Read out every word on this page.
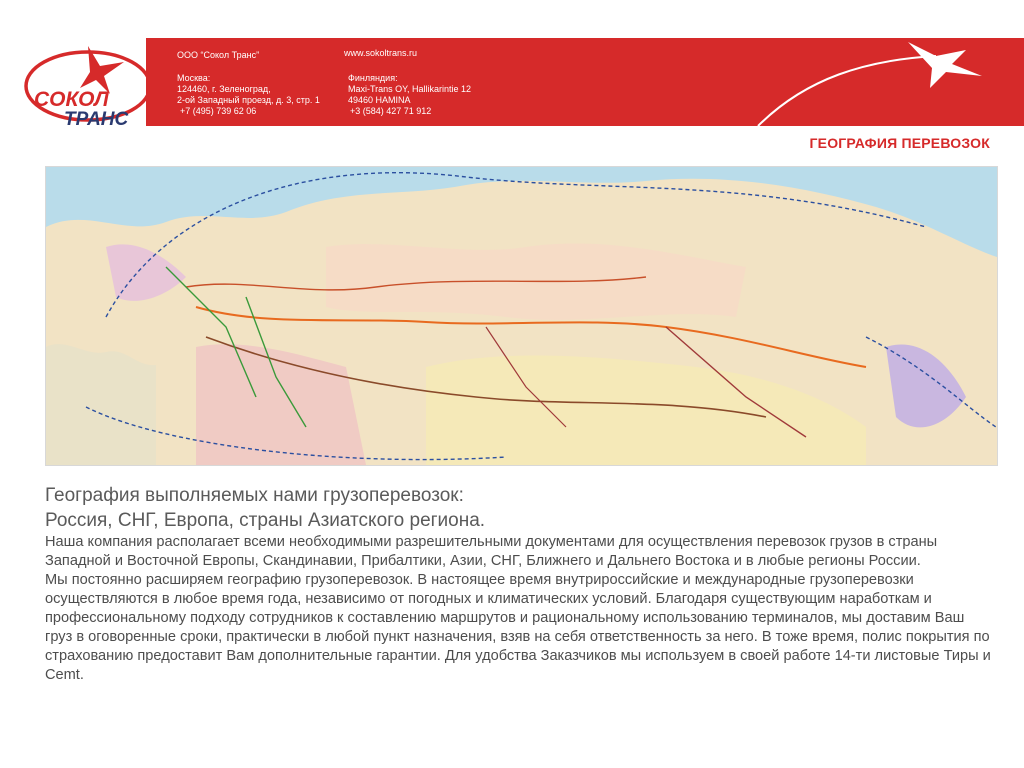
СОКОЛ
ТРАНС
ООО “Сокол Транс”	www.sokoltrans.ru
Москва:
124460, г. Зеленоград,
2-ой Западный проезд, д. 3, стр. 1
+7 (495) 739 62 06
Финляндия:
Maxi-Trans OY, Hallikarintie 12
49460 HAMINA
+3 (584) 427 71 912
ГЕОГРАФИЯ ПЕРЕВОЗОК

География выполняемых нами грузоперевозок:

Россия, СНГ, Европа, страны Азиатского региона.

Наша компания располагает всеми необходимыми разрешительными документами для осуществления перевозок грузов в страны Западной и Восточной Европы, Скандинавии, Прибалтики, Азии, СНГ, Ближнего и Дальнего Востока и в любые регионы России.

Мы постоянно расширяем географию грузоперевозок. В настоящее время внутрироссийские и международные грузоперевозки осуществляются в любое время года, независимо от погодных и климатических условий. Благодаря существующим наработкам и профессиональному подходу сотрудников к составлению маршрутов и рациональному использованию терминалов, мы доставим Ваш груз в оговоренные сроки, практически в любой пункт назначения, взяв на себя ответственность за него. В тоже время, полис покрытия по страхованию предоставит Вам дополнительные гарантии. Для удобства Заказчиков мы используем в своей работе 14-ти листовые Тиры и Cemt.
